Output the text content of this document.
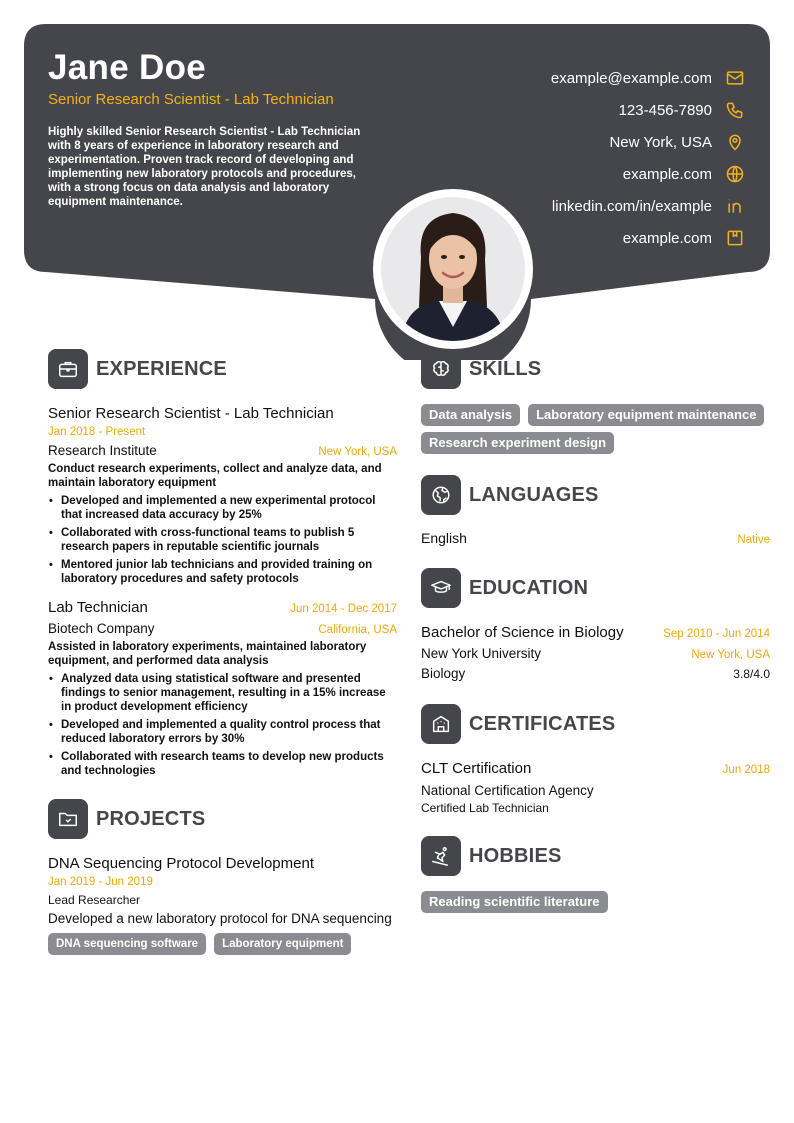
Jane Doe
Senior Research Scientist - Lab Technician
Highly skilled Senior Research Scientist - Lab Technician with 8 years of experience in laboratory research and experimentation. Proven track record of developing and implementing new laboratory protocols and procedures, with a strong focus on data analysis and laboratory equipment maintenance.
example@example.com
123-456-7890
New York, USA
example.com
linkedin.com/in/example
example.com
EXPERIENCE
Senior Research Scientist - Lab Technician
Jan 2018 - Present
Research Institute	New York, USA
Conduct research experiments, collect and analyze data, and maintain laboratory equipment
• Developed and implemented a new experimental protocol that increased data accuracy by 25%
• Collaborated with cross-functional teams to publish 5 research papers in reputable scientific journals
• Mentored junior lab technicians and provided training on laboratory procedures and safety protocols
Lab Technician	Jun 2014 - Dec 2017
Biotech Company	California, USA
Assisted in laboratory experiments, maintained laboratory equipment, and performed data analysis
• Analyzed data using statistical software and presented findings to senior management, resulting in a 15% increase in product development efficiency
• Developed and implemented a quality control process that reduced laboratory errors by 30%
• Collaborated with research teams to develop new products and technologies
PROJECTS
DNA Sequencing Protocol Development
Jan 2019 - Jun 2019
Lead Researcher
Developed a new laboratory protocol for DNA sequencing
DNA sequencing software	Laboratory equipment
SKILLS
Data analysis	Laboratory equipment maintenance
Research experiment design
LANGUAGES
English	Native
EDUCATION
Bachelor of Science in Biology	Sep 2010 - Jun 2014
New York University	New York, USA
Biology	3.8/4.0
CERTIFICATES
CLT Certification	Jun 2018
National Certification Agency
Certified Lab Technician
HOBBIES
Reading scientific literature
